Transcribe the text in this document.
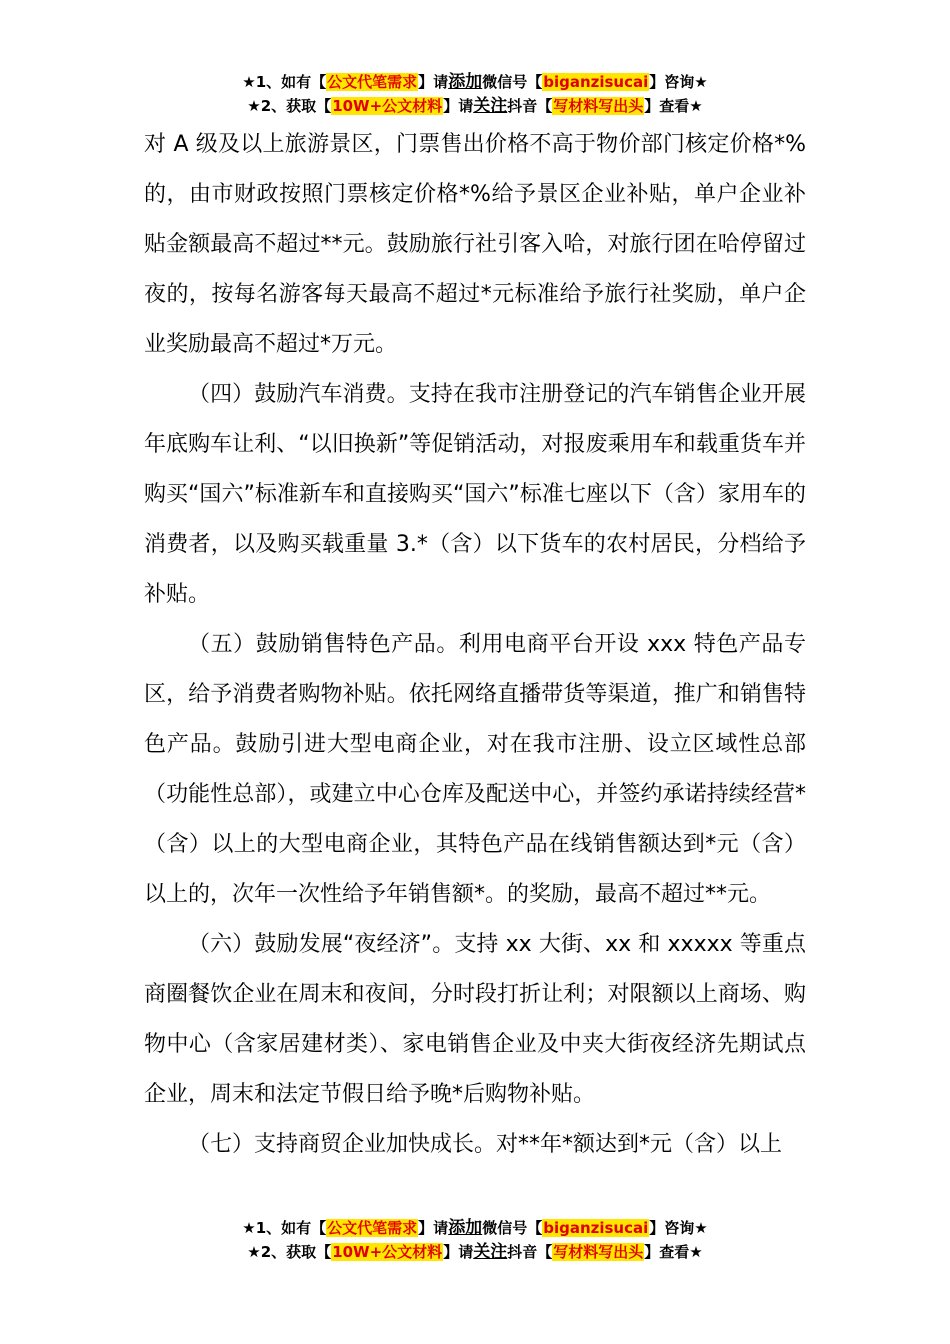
★1、如有【公文代笔需求】请添加微信号【biganzisucai】咨询★
★2、获取【10W+公文材料】请关注抖音【写材料写出头】查看★

对 A 级及以上旅游景区，门票售出价格不高于物价部门核定价格*%的，由市财政按照门票核定价格*%给予景区企业补贴，单户企业补贴金额最高不超过**元。鼓励旅行社引客入哈，对旅行团在哈停留过夜的，按每名游客每天最高不超过*元标准给予旅行社奖励，单户企业奖励最高不超过*万元。

（四）鼓励汽车消费。支持在我市注册登记的汽车销售企业开展年底购车让利、“以旧换新”等促销活动，对报废乘用车和载重货车并购买“国六”标准新车和直接购买“国六”标准七座以下（含）家用车的消费者，以及购买载重量 3.*（含）以下货车的农村居民，分档给予补贴。

（五）鼓励销售特色产品。利用电商平台开设 xxx 特色产品专区，给予消费者购物补贴。依托网络直播带货等渠道，推广和销售特色产品。鼓励引进大型电商企业，对在我市注册、设立区域性总部（功能性总部），或建立中心仓库及配送中心，并签约承诺持续经营*（含）以上的大型电商企业，其特色产品在线销售额达到*元（含）以上的，次年一次性给予年销售额*。的奖励，最高不超过**元。

（六）鼓励发展“夜经济”。支持 xx 大街、xx 和 xxxxx 等重点商圈餐饮企业在周末和夜间，分时段打折让利；对限额以上商场、购物中心（含家居建材类）、家电销售企业及中夹大街夜经济先期试点企业，周末和法定节假日给予晚*后购物补贴。

（七）支持商贸企业加快成长。对**年*额达到*元（含）以上

★1、如有【公文代笔需求】请添加微信号【biganzisucai】咨询★
★2、获取【10W+公文材料】请关注抖音【写材料写出头】查看★
